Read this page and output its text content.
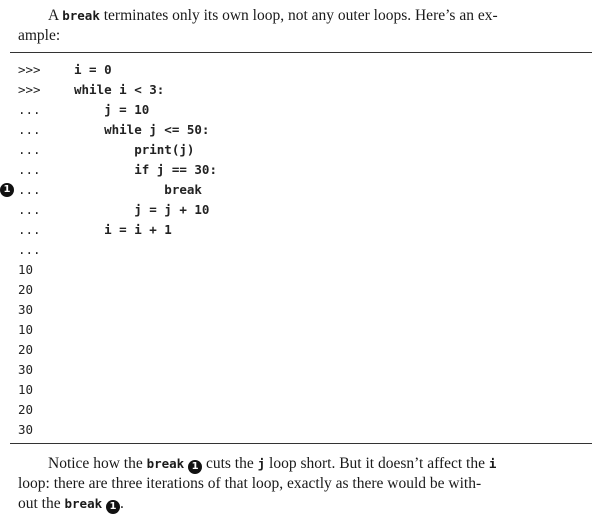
A break terminates only its own loop, not any outer loops. Here’s an ex-
ample:
>>>	i = 0
>>>	while i < 3:
...	j = 10
...	while j <= 50:
...	print(j)
...	if j == 30:
1 ...	break
...	j = j + 10
...	i = i + 1
...
10
20
30
10
20
30
10
20
30
Notice how the break 1 cuts the j loop short. But it doesn’t affect the i
loop: there are three iterations of that loop, exactly as there would be with-
out the break 1 .
